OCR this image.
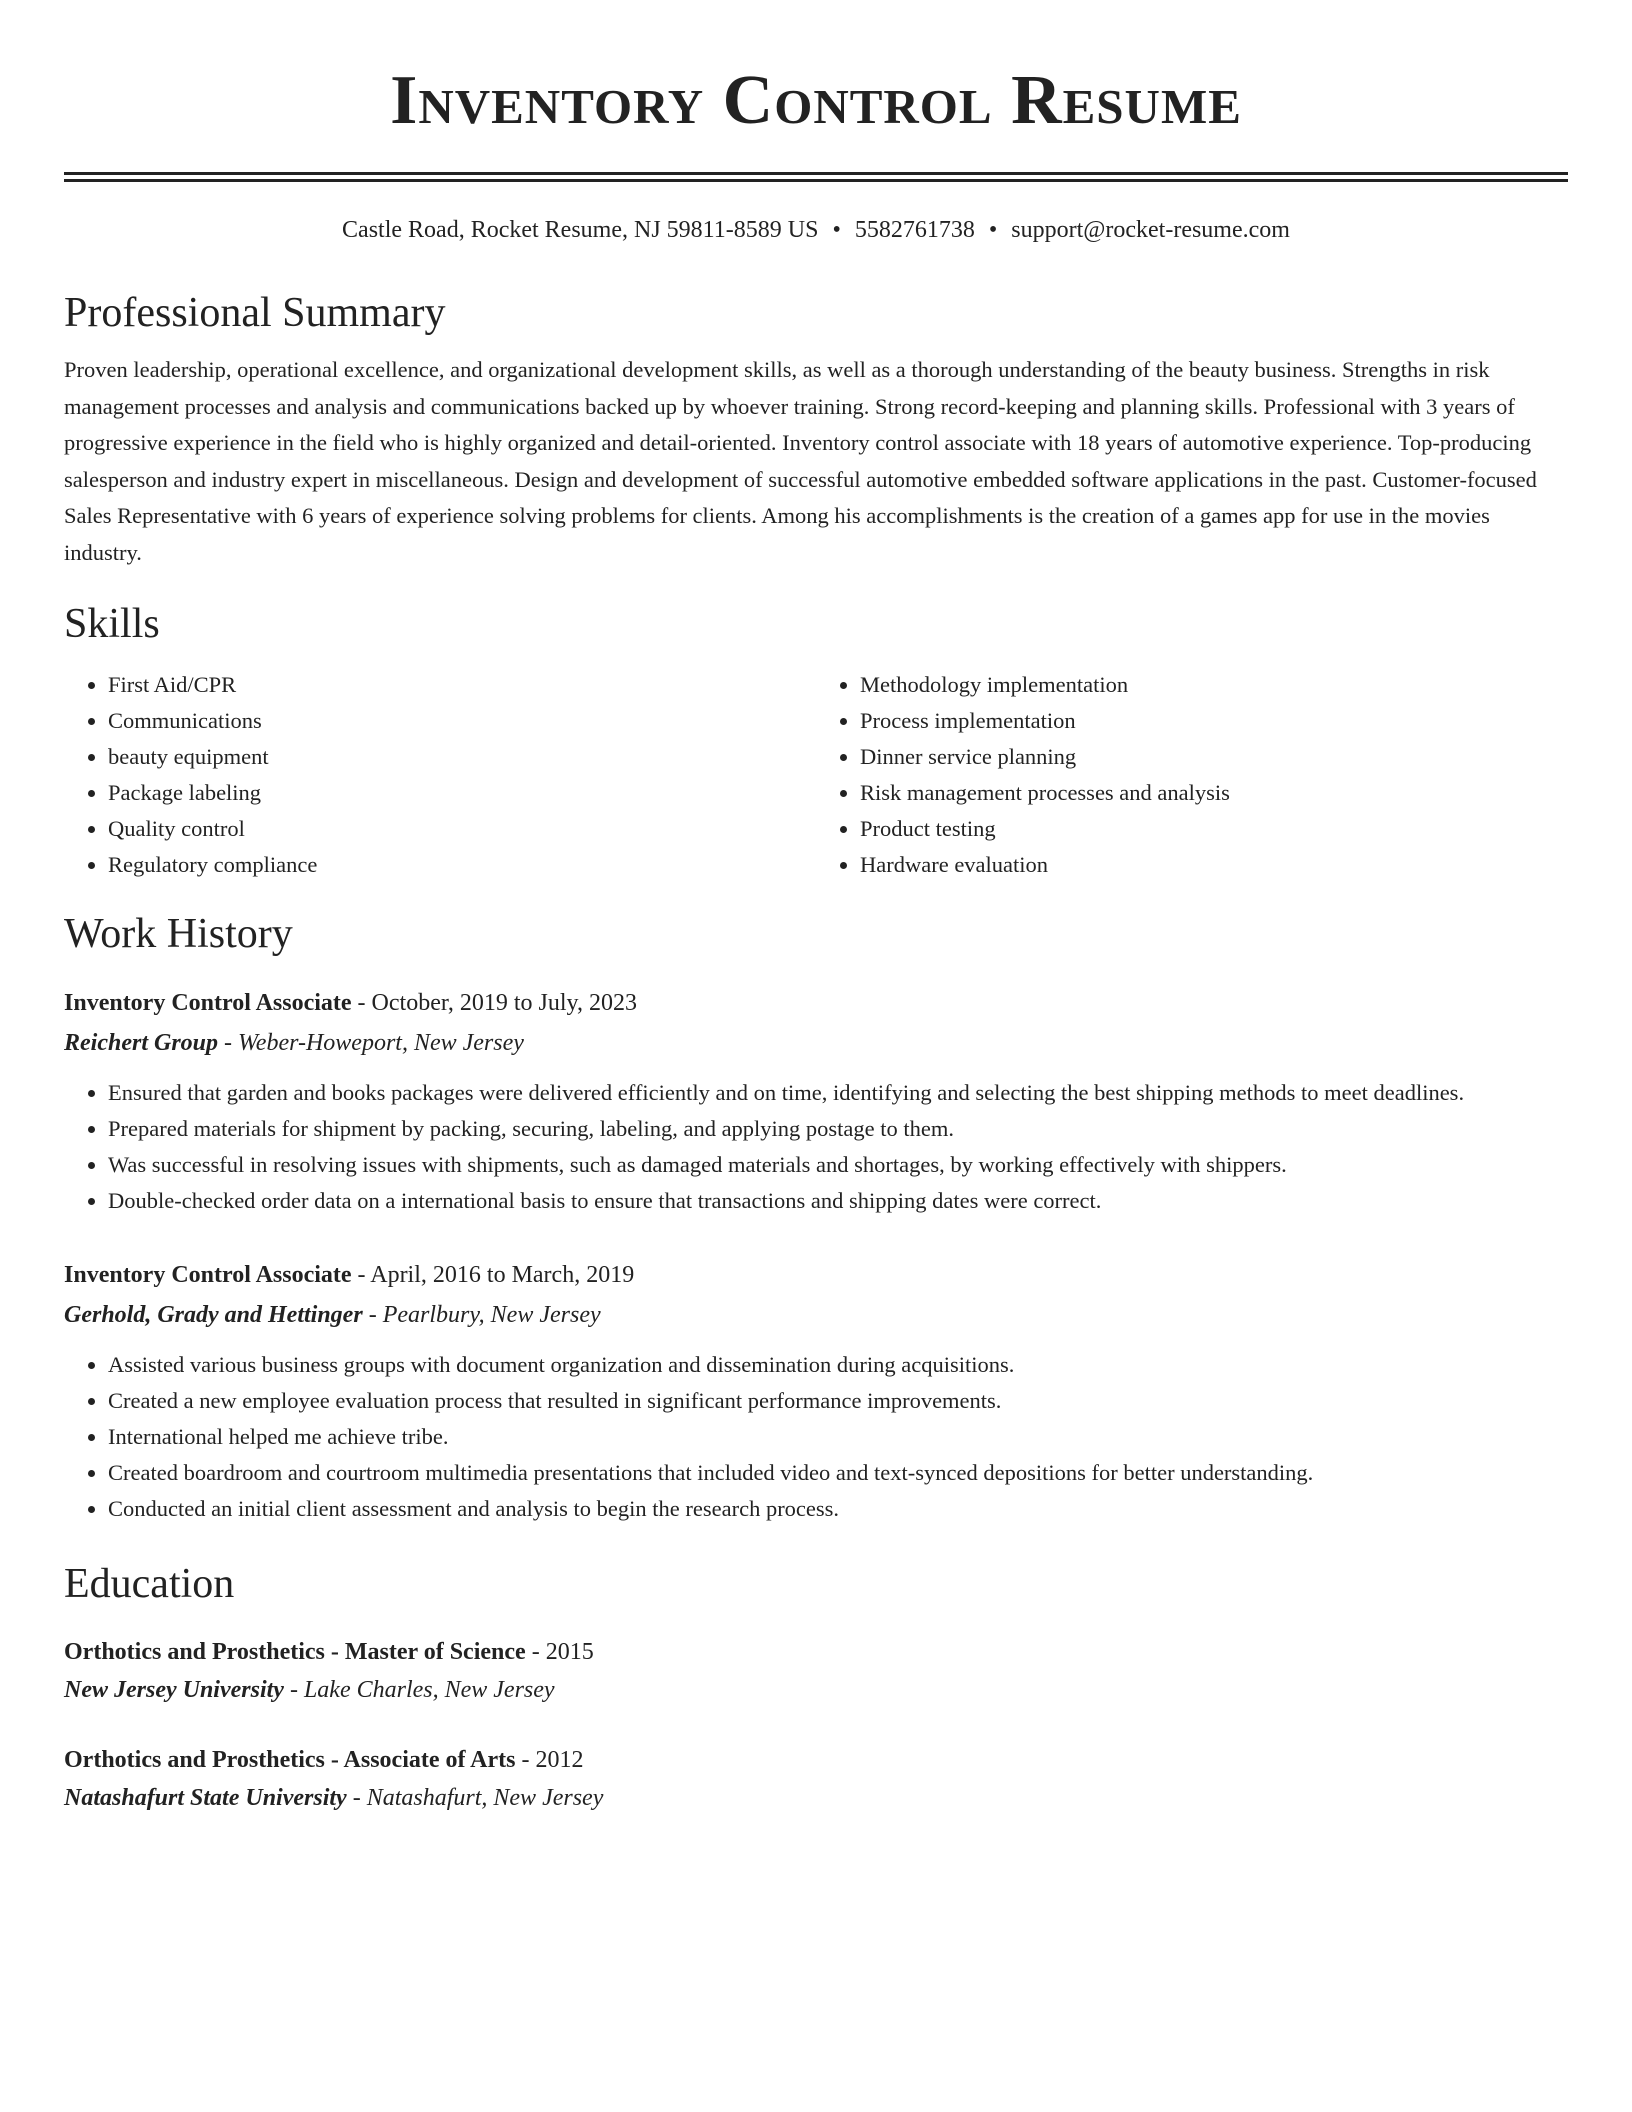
Inventory Control Resume
Castle Road, Rocket Resume, NJ 59811-8589 US • 5582761738 • support@rocket-resume.com
Professional Summary

Proven leadership, operational excellence, and organizational development skills, as well as a thorough understanding of the beauty business. Strengths in risk management processes and analysis and communications backed up by whoever training. Strong record-keeping and planning skills. Professional with 3 years of progressive experience in the field who is highly organized and detail-oriented. Inventory control associate with 18 years of automotive experience. Top-producing salesperson and industry expert in miscellaneous. Design and development of successful automotive embedded software applications in the past. Customer-focused Sales Representative with 6 years of experience solving problems for clients. Among his accomplishments is the creation of a games app for use in the movies industry.

Skills
• First Aid/CPR
• Communications
• beauty equipment
• Package labeling
• Quality control
• Regulatory compliance
• Methodology implementation
• Process implementation
• Dinner service planning
• Risk management processes and analysis
• Product testing
• Hardware evaluation
Work History
Inventory Control Associate - October, 2019 to July, 2023
Reichert Group - Weber-Howeport, New Jersey
• Ensured that garden and books packages were delivered efficiently and on time, identifying and selecting the best shipping methods to meet deadlines.
• Prepared materials for shipment by packing, securing, labeling, and applying postage to them.
• Was successful in resolving issues with shipments, such as damaged materials and shortages, by working effectively with shippers.
• Double-checked order data on a international basis to ensure that transactions and shipping dates were correct.
Inventory Control Associate - April, 2016 to March, 2019
Gerhold, Grady and Hettinger - Pearlbury, New Jersey
• Assisted various business groups with document organization and dissemination during acquisitions.
• Created a new employee evaluation process that resulted in significant performance improvements.
• International helped me achieve tribe.
• Created boardroom and courtroom multimedia presentations that included video and text-synced depositions for better understanding.
• Conducted an initial client assessment and analysis to begin the research process.
Education
Orthotics and Prosthetics - Master of Science - 2015
New Jersey University - Lake Charles, New Jersey
Orthotics and Prosthetics - Associate of Arts - 2012
Natashafurt State University - Natashafurt, New Jersey
